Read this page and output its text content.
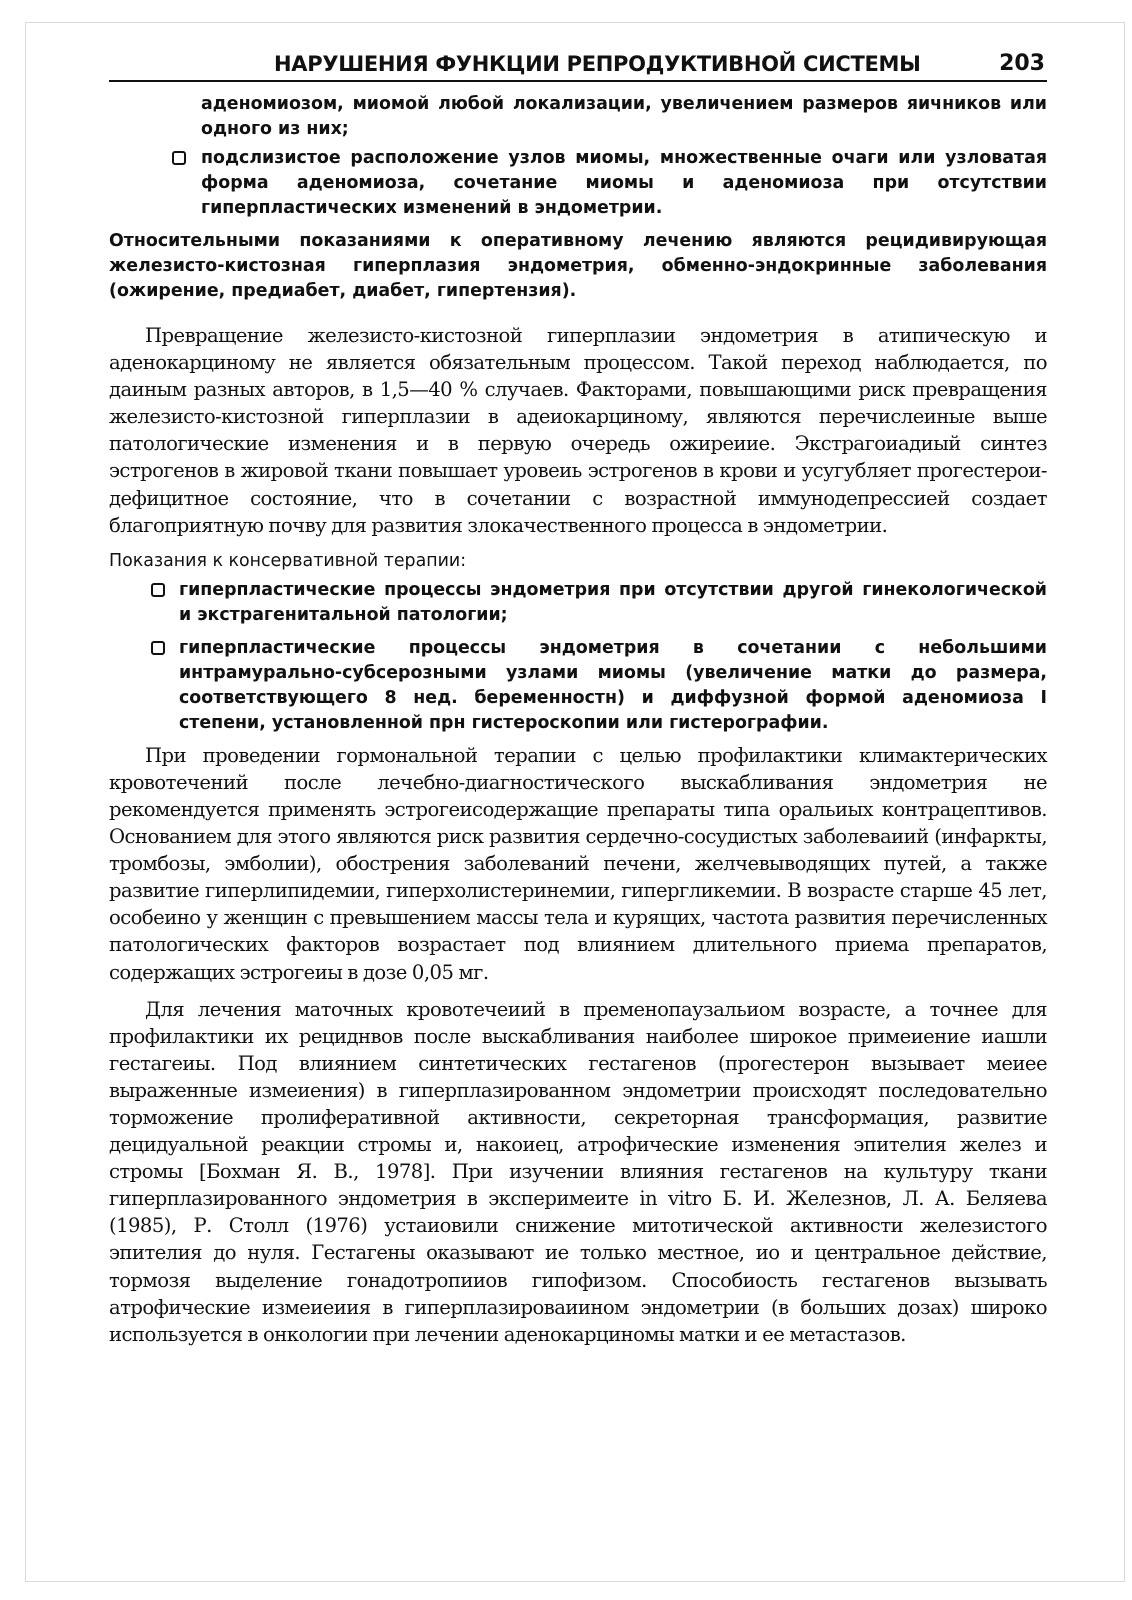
НАРУШЕНИЯ ФУНКЦИИ РЕПРОДУКТИВНОЙ СИСТЕМЫ	203
аденомиозом, миомой любой локализации, увеличением размеров яичников или одного из них;
подслизистое расположение узлов миомы, множественные очаги или узловатая форма аденомиоза, сочетание миомы и аденомиоза при отсутствии гиперпластических изменений в эндометрии.
Относительными показаниями к оперативному лечению являются рецидивирующая железисто-кистозная гиперплазия эндометрия, обменно-эндокринные заболевания (ожирение, предиабет, диабет, гипертензия).
Превращение железисто-кистозной гиперплазии эндометрия в атипическую и аденокарциному не является обязательным процессом. Такой переход наблюдается, по даиным разных авторов, в 1,5—40 % случаев. Факторами, повышающими риск превращения железисто-кистозной гиперплазии в адеиокарциному, являются перечислеиные выше патологические изменения и в первую очередь ожиреиие. Экстрагоиадиый синтез эстрогенов в жировой ткани повышает уровеиь эстрогенов в крови и усугубляет прогестерои-дефицитное состояние, что в сочетании с возрастной иммунодепрессией создает благоприятную почву для развития злокачественного процесса в эндометрии.
Показания к консервативной терапии:
гиперпластические процессы эндометрия при отсутствии другой гинекологической и экстрагенитальной патологии;
гиперпластические процессы эндометрия в сочетании с небольшими интрамурально-субсерозными узлами миомы (увеличение матки до размера, соответствующего 8 нед. беременностн) и диффузной формой аденомиоза I степени, установленной прн гистероскопии или гистерографии.
При проведении гормональной терапии с целью профилактики климактерических кровотечений после лечебно-диагностического выскабливания эндометрия не рекомендуется применять эстрогеисодержащие препараты типа оральиых контрацептивов. Основанием для этого являются риск развития сердечно-сосудистых заболеваиий (инфаркты, тромбозы, эмболии), обострения заболеваний печени, желчевыводящих путей, а также развитие гиперлипидемии, гиперхолистеринемии, гипергликемии. В возрасте старше 45 лет, особеино у женщин с превышением массы тела и курящих, частота развития перечисленных патологических факторов возрастает под влиянием длительного приема препаратов, содержащих эстрогеиы в дозе 0,05 мг.
Для лечения маточных кровотечеиий в пременопаузальиом возрасте, а точнее для профилактики их рециднвов после выскабливания наиболее широкое примеиение иашли гестагеиы. Под влиянием синтетических гестагенов (прогестерон вызывает меиее выраженные измеиения) в гиперплазированном эндометрии происходят последовательно торможение пролиферативной активности, секреторная трансформация, развитие децидуальной реакции стромы и, накоиец, атрофические изменения эпителия желез и стромы [Бохман Я. В., 1978]. При изучении влияния гестагенов на культуру ткани гиперплазированного эндометрия в эксперимеите in vitro Б. И. Железнов, Л. А. Беляева (1985), Р. Столл (1976) устаиовили снижение митотической активности железистого эпителия до нуля. Гестагены оказывают ие только местное, ио и центральное действие, тормозя выделение гонадотропииов гипофизом. Способиость гестагенов вызывать атрофические измеиеиия в гиперплазироваиином эндометрии (в больших дозах) широко используется в онкологии при лечении аденокарциномы матки и ее метастазов.
